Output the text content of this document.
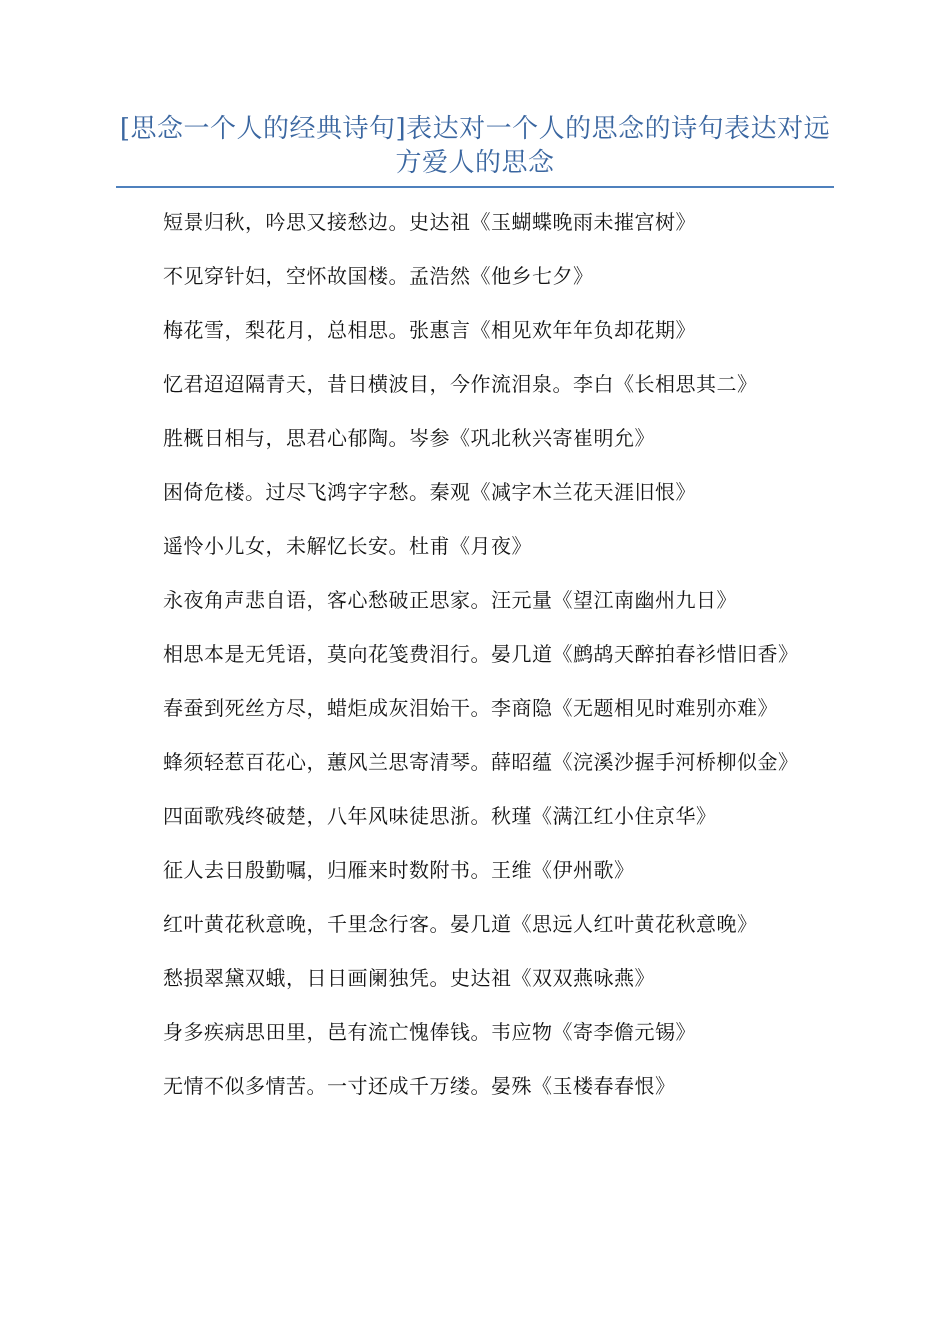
[思念一个人的经典诗句]表达对一个人的思念的诗句表达对远方爱人的思念

短景归秋，吟思又接愁边。史达祖《玉蝴蝶晚雨未摧宫树》

不见穿针妇，空怀故国楼。孟浩然《他乡七夕》

梅花雪，梨花月，总相思。张惠言《相见欢年年负却花期》

忆君迢迢隔青天，昔日横波目，今作流泪泉。李白《长相思其二》

胜概日相与，思君心郁陶。岑参《巩北秋兴寄崔明允》

困倚危楼。过尽飞鸿字字愁。秦观《减字木兰花天涯旧恨》

遥怜小儿女，未解忆长安。杜甫《月夜》

永夜角声悲自语，客心愁破正思家。汪元量《望江南幽州九日》

相思本是无凭语，莫向花笺费泪行。晏几道《鹧鸪天醉拍春衫惜旧香》

春蚕到死丝方尽，蜡炬成灰泪始干。李商隐《无题相见时难别亦难》

蜂须轻惹百花心，蕙风兰思寄清琴。薛昭蕴《浣溪沙握手河桥柳似金》

四面歌残终破楚，八年风味徒思浙。秋瑾《满江红小住京华》

征人去日殷勤嘱，归雁来时数附书。王维《伊州歌》

红叶黄花秋意晚，千里念行客。晏几道《思远人红叶黄花秋意晚》

愁损翠黛双蛾，日日画阑独凭。史达祖《双双燕咏燕》

身多疾病思田里，邑有流亡愧俸钱。韦应物《寄李儋元锡》

无情不似多情苦。一寸还成千万缕。晏殊《玉楼春春恨》
